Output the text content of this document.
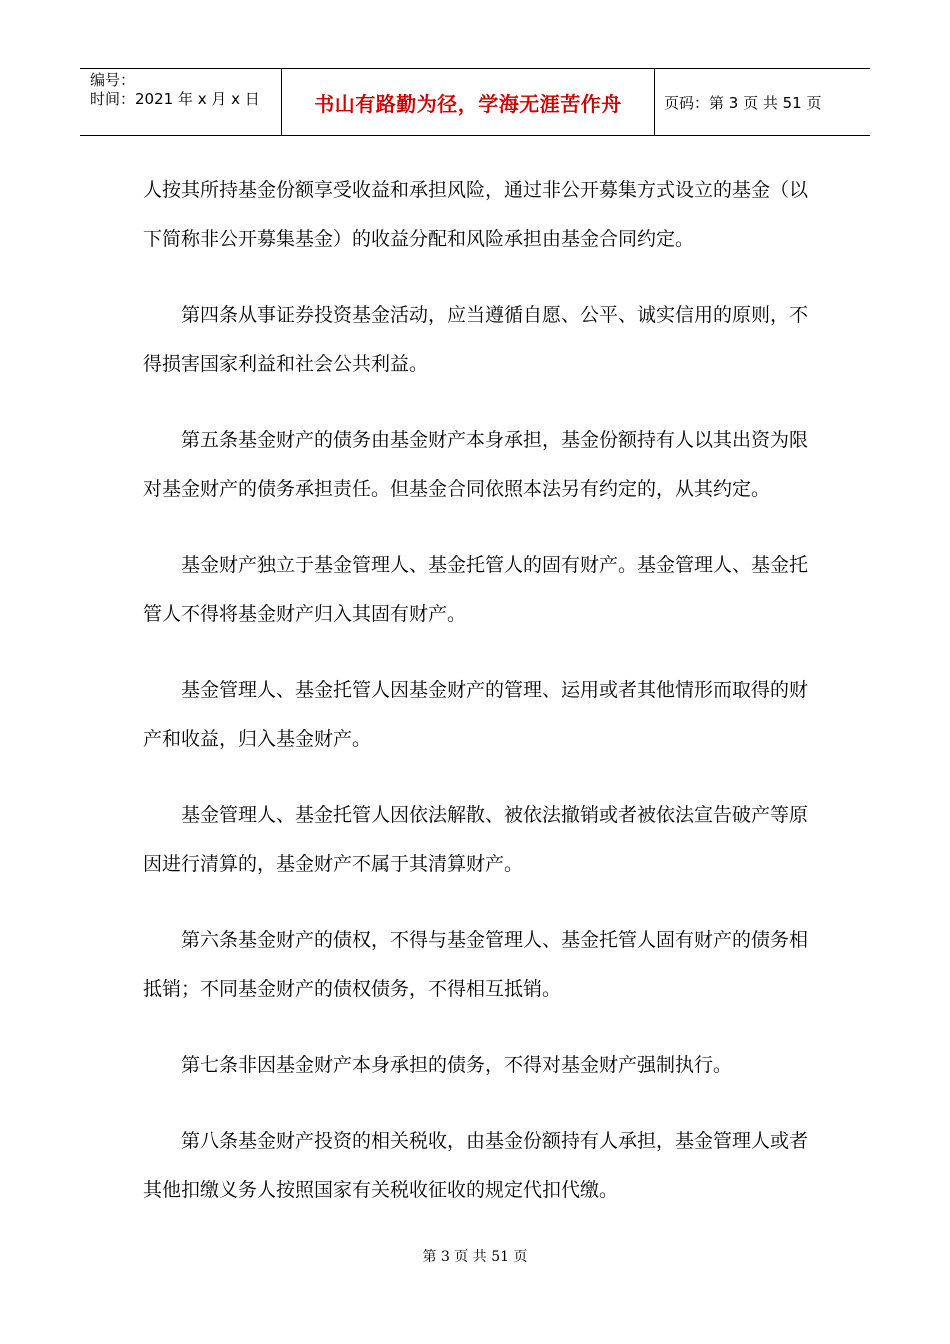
编号：
时间：2021 年 x 月 x 日	书山有路勤为径，学海无涯苦作舟	页码：第 3 页 共 51 页

人按其所持基金份额享受收益和承担风险，通过非公开募集方式设立的基金（以下简称非公开募集基金）的收益分配和风险承担由基金合同约定。

第四条从事证券投资基金活动，应当遵循自愿、公平、诚实信用的原则，不得损害国家利益和社会公共利益。

第五条基金财产的债务由基金财产本身承担，基金份额持有人以其出资为限对基金财产的债务承担责任。但基金合同依照本法另有约定的，从其约定。

基金财产独立于基金管理人、基金托管人的固有财产。基金管理人、基金托管人不得将基金财产归入其固有财产。

基金管理人、基金托管人因基金财产的管理、运用或者其他情形而取得的财产和收益，归入基金财产。

基金管理人、基金托管人因依法解散、被依法撤销或者被依法宣告破产等原因进行清算的，基金财产不属于其清算财产。

第六条基金财产的债权，不得与基金管理人、基金托管人固有财产的债务相抵销；不同基金财产的债权债务，不得相互抵销。

第七条非因基金财产本身承担的债务，不得对基金财产强制执行。

第八条基金财产投资的相关税收，由基金份额持有人承担，基金管理人或者其他扣缴义务人按照国家有关税收征收的规定代扣代缴。

第 3 页 共 51 页
